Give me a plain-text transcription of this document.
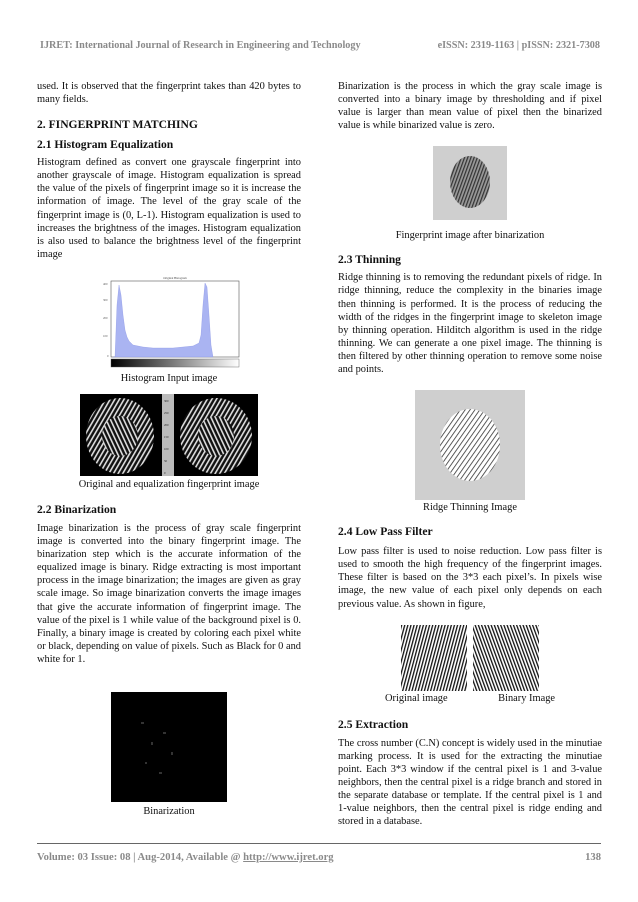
IJRET: International Journal of Research in Engineering and Technology	eISSN: 2319-1163 | pISSN: 2321-7308

used. It is observed that the fingerprint takes than 420 bytes to many fields.

2. FINGERPRINT MATCHING
2.1 Histogram Equalization

Histogram defined as convert one grayscale fingerprint into another grayscale of image. Histogram equalization is spread the value of the pixels of fingerprint image so it is increase the information of image. The level of the gray scale of the fingerprint image is (0, L-1). Histogram equalization is used to increases the brightness of the images. Histogram equalization is also used to balance the brightness level of the fingerprint image

Original Histogram
400
300
200
100
0
Histogram Input image
300
250
200
150
100
50
0
Original and equalization fingerprint image
2.2 Binarization

Image binarization is the process of gray scale fingerprint image is converted into the binary fingerprint image. The binarization step which is the accurate information of the equalized image is binary. Ridge extracting is most important process in the image binarization; the images are given as gray scale image. So image binarization converts the image images that give the accurate information of fingerprint image. The value of the pixel is 1 while value of the background pixel is 0. Finally, a binary image is created by coloring each pixel white or black, depending on value of pixels. Such as Black for 0 and white for 1.

Binarization

Binarization is the process in which the gray scale image is converted into a binary image by thresholding and if pixel value is larger than mean value of pixel then the binarized value is while binarized value is zero.

Fingerprint image after binarization
2.3 Thinning

Ridge thinning is to removing the redundant pixels of ridge. In ridge thinning, reduce the complexity in the binaries image then thinning is performed. It is the process of reducing the width of the ridges in the fingerprint image to skeleton image by thinning operation. Hilditch algorithm is used in the ridge thinning. We can generate a one pixel image. The thinning is then filtered by other thinning operation to remove some noise and points.

Ridge Thinning Image
2.4 Low Pass Filter

Low pass filter is used to noise reduction. Low pass filter is used to smooth the high frequency of the fingerprint images. These filter is based on the 3*3 each pixel’s. In pixels wise image, the new value of each pixel only depends on each previous value. As shown in figure,

Original image	Binary Image
2.5 Extraction

The cross number (C.N) concept is widely used in the minutiae marking process. It is used for the extracting the minutiae point. Each 3*3 window if the central pixel is 1 and 3-value neighbors, then the central pixel is a ridge branch and stored in the separate database or template. If the central pixel is 1 and 1-value neighbors, then the central pixel is ridge ending and stored in a database.

Volume: 03 Issue: 08 | Aug-2014, Available @ http://www.ijret.org	138
